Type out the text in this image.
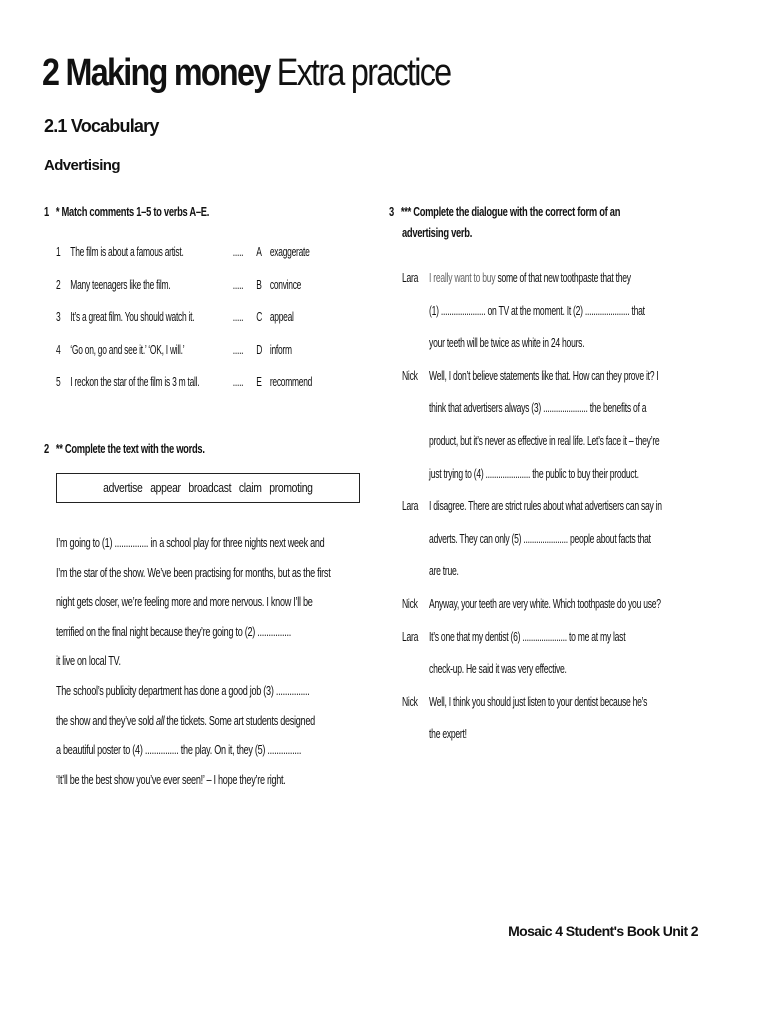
2 Making money Extra practice
2.1 Vocabulary
Advertising
1   * Match comments 1–5 to verbs A–E.
1 The film is about a famous artist.	..... A exaggerate
2 Many teenagers like the film.	..... B convince
3 It’s a great film. You should watch it.	..... C appeal
4 ‘Go on, go and see it.’ ‘OK, I will.’	..... D inform
5 I reckon the star of the film is 3 m tall.	..... E recommend
2   ** Complete the text with the words.
advertise   appear   broadcast   claim   promoting
I’m going to (1) ............... in a school play for three nights next week and
I’m the star of the show. We’ve been practising for months, but as the first
night gets closer, we’re feeling more and more nervous. I know I’ll be
terrified on the final night because they’re going to (2) ...............
it live on local TV.
The school’s publicity department has done a good job (3) ...............
the show and they’ve sold all the tickets. Some art students designed
a beautiful poster to (4) ............... the play. On it, they (5) ...............
‘It’ll be the best show you’ve ever seen!’ – I hope they’re right.
3   *** Complete the dialogue with the correct form of an
advertising verb.
Lara I really want to buy some of that new toothpaste that they
(1) ..................... on TV at the moment. It (2) ..................... that
your teeth will be twice as white in 24 hours.
Nick Well, I don’t believe statements like that. How can they prove it? I
think that advertisers always (3) ..................... the benefits of a
product, but it’s never as effective in real life. Let’s face it – they’re
just trying to (4) ..................... the public to buy their product.
Lara I disagree. There are strict rules about what advertisers can say in
adverts. They can only (5) ..................... people about facts that
are true.
Nick Anyway, your teeth are very white. Which toothpaste do you use?
Lara It’s one that my dentist (6) ..................... to me at my last
check-up. He said it was very effective.
Nick Well, I think you should just listen to your dentist because he’s
the expert!
Mosaic 4 Student's Book Unit 2
